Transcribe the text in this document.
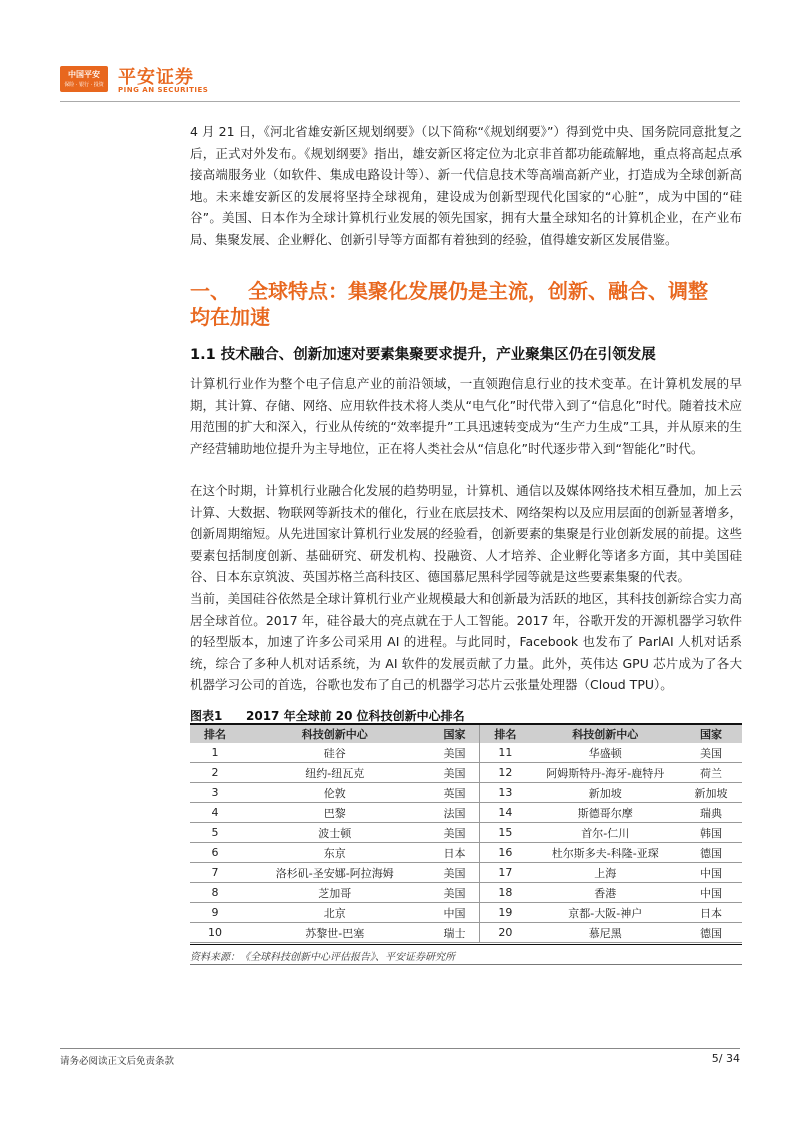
中国平安
保险 · 银行 · 投资 平安证券
PING AN SECURITIES

4 月 21 日，《河北省雄安新区规划纲要》（以下简称“《规划纲要》”）得到党中央、国务院同意批复之后，正式对外发布。《规划纲要》指出，雄安新区将定位为北京非首都功能疏解地，重点将高起点承接高端服务业（如软件、集成电路设计等）、新一代信息技术等高端高新产业，打造成为全球创新高地。未来雄安新区的发展将坚持全球视角，建设成为创新型现代化国家的“心脏”，成为中国的“硅谷”。美国、日本作为全球计算机行业发展的领先国家，拥有大量全球知名的计算机企业，在产业布局、集聚发展、企业孵化、创新引导等方面都有着独到的经验，值得雄安新区发展借鉴。

一、 全球特点：集聚化发展仍是主流，创新、融合、调整
均在加速
1.1 技术融合、创新加速对要素集聚要求提升，产业聚集区仍在引领发展

计算机行业作为整个电子信息产业的前沿领域，一直领跑信息行业的技术变革。在计算机发展的早期，其计算、存储、网络、应用软件技术将人类从“电气化”时代带入到了“信息化”时代。随着技术应用范围的扩大和深入，行业从传统的“效率提升”工具迅速转变成为“生产力生成”工具，并从原来的生产经营辅助地位提升为主导地位，正在将人类社会从“信息化”时代逐步带入到“智能化”时代。

在这个时期，计算机行业融合化发展的趋势明显，计算机、通信以及媒体网络技术相互叠加，加上云计算、大数据、物联网等新技术的催化，行业在底层技术、网络架构以及应用层面的创新显著增多，创新周期缩短。从先进国家计算机行业发展的经验看，创新要素的集聚是行业创新发展的前提。这些要素包括制度创新、基础研究、研发机构、投融资、人才培养、企业孵化等诸多方面，其中美国硅谷、日本东京筑波、英国苏格兰高科技区、德国慕尼黑科学园等就是这些要素集聚的代表。

当前，美国硅谷依然是全球计算机行业产业规模最大和创新最为活跃的地区，其科技创新综合实力高居全球首位。2017 年，硅谷最大的亮点就在于人工智能。2017 年，谷歌开发的开源机器学习软件的轻型版本，加速了许多公司采用 AI 的进程。与此同时，Facebook 也发布了 ParlAI 人机对话系统，综合了多种人机对话系统，为 AI 软件的发展贡献了力量。此外，英伟达 GPU 芯片成为了各大机器学习公司的首选，谷歌也发布了自己的机器学习芯片云张量处理器（Cloud TPU）。

图表1 2017 年全球前 20 位科技创新中心排名
排名	科技创新中心	国家	排名	科技创新中心	国家
1	硅谷	美国	11	华盛顿	美国
2	纽约-纽瓦克	美国	12	阿姆斯特丹-海牙-鹿特丹	荷兰
3	伦敦	英国	13	新加坡	新加坡
4	巴黎	法国	14	斯德哥尔摩	瑞典
5	波士顿	美国	15	首尔-仁川	韩国
6	东京	日本	16	杜尔斯多夫-科隆-亚琛	德国
7	洛杉矶-圣安娜-阿拉海姆	美国	17	上海	中国
8	芝加哥	美国	18	香港	中国
9	北京	中国	19	京都-大阪-神户	日本
10	苏黎世-巴塞	瑞士	20	慕尼黑	德国
资料来源：《全球科技创新中心评估报告》、平安证券研究所
请务必阅读正文后免责条款	5/ 34
